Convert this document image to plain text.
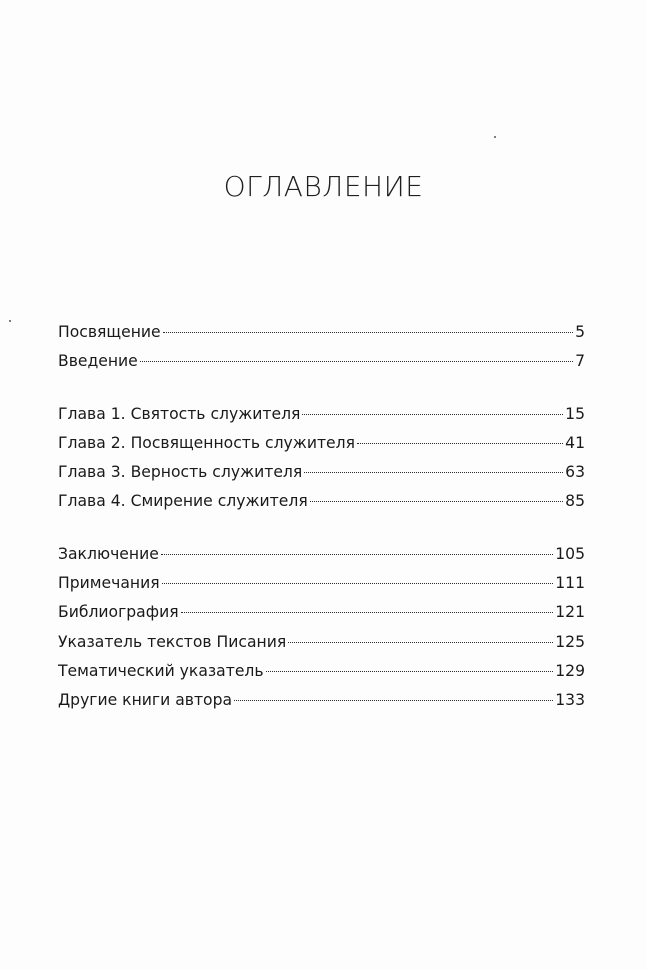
ОГЛАВЛЕНИЕ
Посвящение	5
Введение	7
Глава 1. Святость служителя	15
Глава 2. Посвященность служителя	41
Глава 3. Верность служителя	63
Глава 4. Смирение служителя	85
Заключение	105
Примечания	111
Библиография	121
Указатель текстов Писания	125
Тематический указатель	129
Другие книги автора	133
